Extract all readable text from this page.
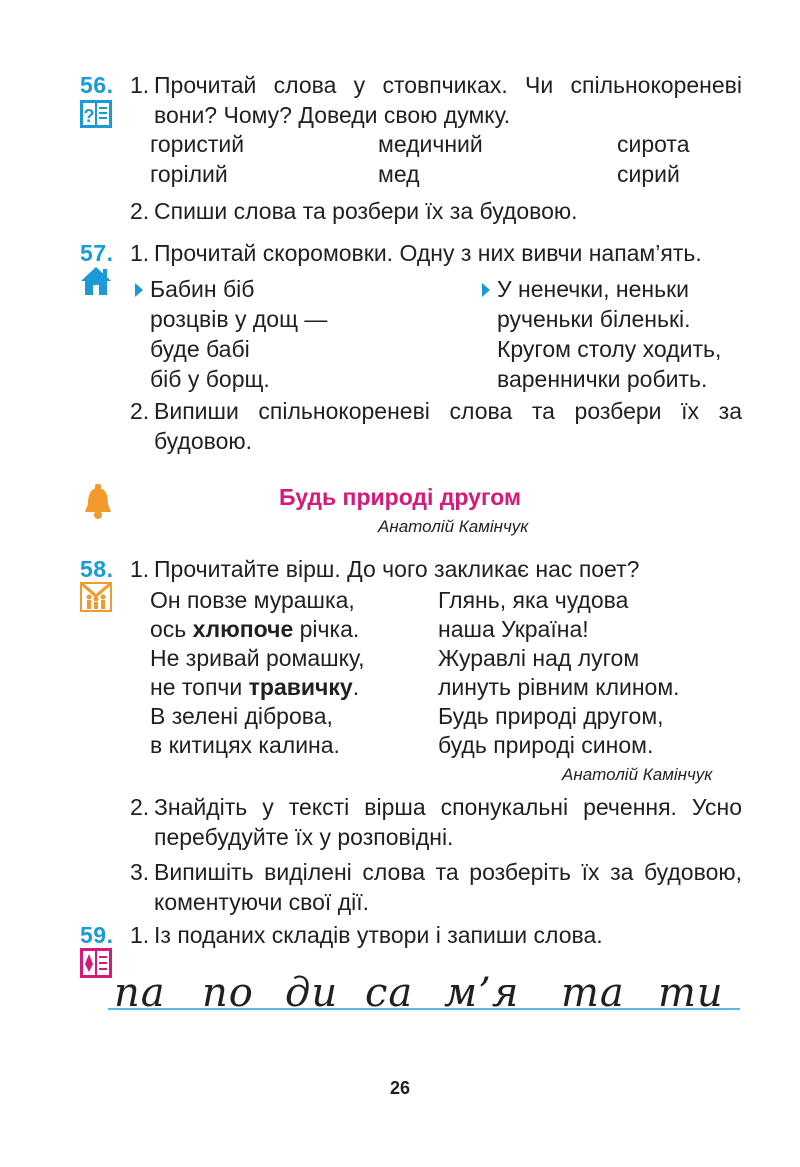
56.
?
1. Прочитай слова у стовпчиках. Чи спільнокореневі вони? Чому? Доведи свою думку.
гористий
горілий
медичний
мед
сирота
сирий
2. Спиши слова та розбери їх за будовою.
57. 1. Прочитай скоромовки. Одну з них вивчи напам’ять.
Бабин біб
розцвів у дощ —
буде бабі
біб у борщ.
У ненечки, неньки
рученьки біленькі.
Кругом столу ходить,
вареннички робить.
2. Випиши спільнокореневі слова та розбери їх за будовою.
Будь природі другом
Анатолій Камінчук
58. 1. Прочитайте вірш. До чого закликає нас поет?
Он повзе мурашка,
ось хлюпоче річка.
Не зривай ромашку,
не топчи травичку.
В зелені діброва,
в китицях калина.
Глянь, яка чудова
наша Україна!
Журавлі над лугом
линуть рівним клином.
Будь природі другом,
будь природі сином.
Анатолій Камінчук
2. Знайдіть у тексті вірша спонукальні речення. Усно перебудуйте їх у розповідні.
3. Випишіть виділені слова та розберіть їх за будовою, коментуючи свої дії.
59. 1. Із поданих складів утвори і запиши слова.
па по ди са м’я та ти
26
